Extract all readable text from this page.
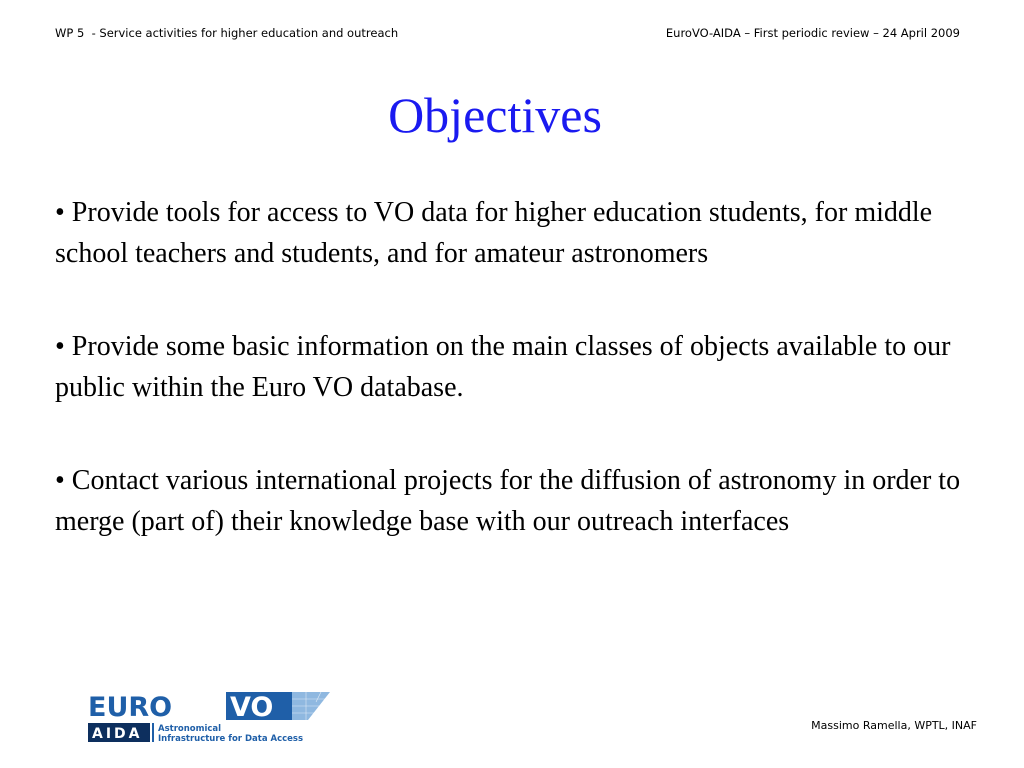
WP 5  - Service activities for higher education and outreach	EuroVO-AIDA – First periodic review – 24 April 2009
Objectives
• Provide tools for access to VO data for higher education students, for middle school teachers and students, and for amateur astronomers
• Provide some basic information on the main classes of objects available to our public within the Euro VO database.
• Contact various international projects for the diffusion of astronomy in order to merge (part of) their knowledge base with our outreach interfaces
EURO VO
AIDA Astronomical
Infrastructure for Data Access
Massimo Ramella, WPTL, INAF
